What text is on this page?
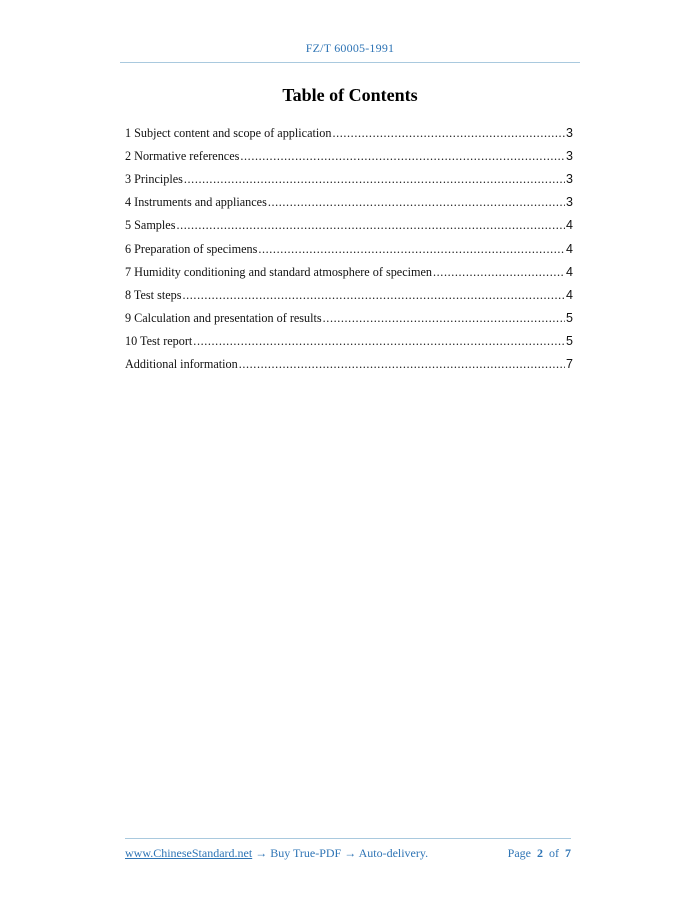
FZ/T 60005-1991
Table of Contents
1 Subject content and scope of application .....	3
2 Normative references .....	3
3 Principles .....	3
4 Instruments and appliances .....	3
5 Samples .....	4
6 Preparation of specimens .....	4
7 Humidity conditioning and standard atmosphere of specimen .....	4
8 Test steps .....	4
9 Calculation and presentation of results .....	5
10 Test report .....	5
Additional information .....	7
www.ChineseStandard.net → Buy True-PDF → Auto-delivery.	Page 2 of 7
